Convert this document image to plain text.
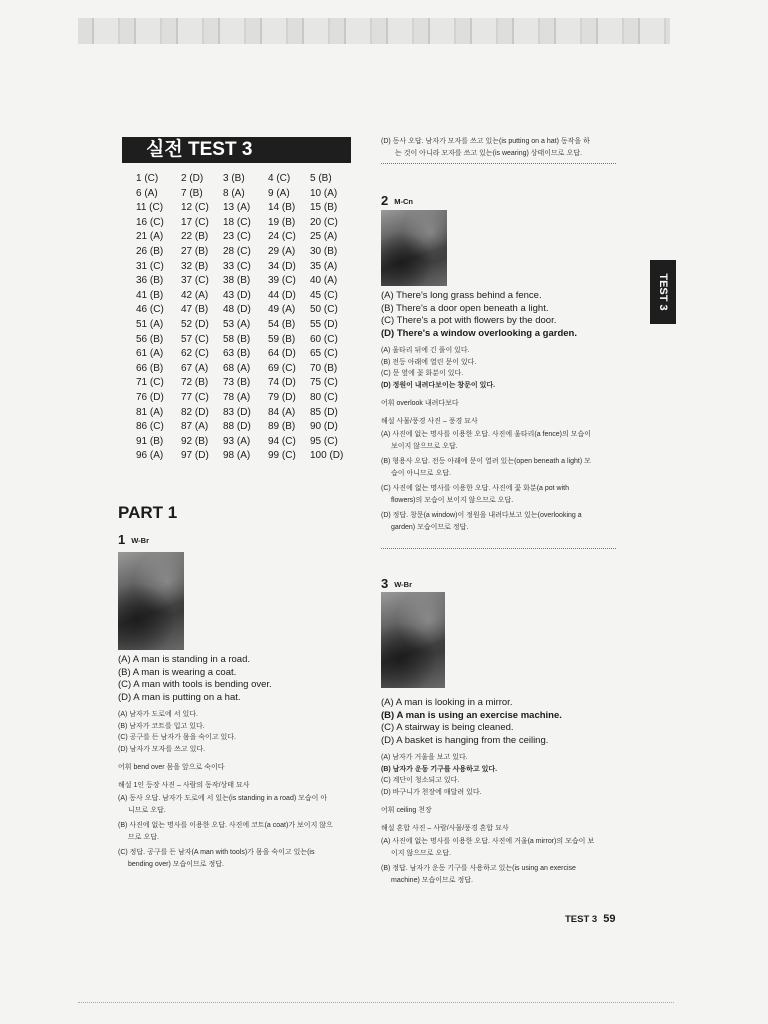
실전 TEST 3
1 (C) 2 (D) 3 (B) 4 (C) 5 (B)
6 (A) 7 (B) 8 (A) 9 (A) 10 (A)
11 (C) 12 (C) 13 (A) 14 (B) 15 (B)
16 (C) 17 (C) 18 (C) 19 (B) 20 (C)
21 (A) 22 (B) 23 (C) 24 (C) 25 (A)
26 (B) 27 (B) 28 (C) 29 (A) 30 (B)
31 (C) 32 (B) 33 (C) 34 (D) 35 (A)
36 (B) 37 (C) 38 (B) 39 (C) 40 (A)
41 (B) 42 (A) 43 (D) 44 (D) 45 (C)
46 (C) 47 (B) 48 (D) 49 (A) 50 (C)
51 (A) 52 (D) 53 (A) 54 (B) 55 (D)
56 (B) 57 (C) 58 (B) 59 (B) 60 (C)
61 (A) 62 (C) 63 (B) 64 (D) 65 (C)
66 (B) 67 (A) 68 (A) 69 (C) 70 (B)
71 (C) 72 (B) 73 (B) 74 (D) 75 (C)
76 (D) 77 (C) 78 (A) 79 (D) 80 (C)
81 (A) 82 (D) 83 (D) 84 (A) 85 (D)
86 (C) 87 (A) 88 (D) 89 (B) 90 (D)
91 (B) 92 (B) 93 (A) 94 (C) 95 (C)
96 (A) 97 (D) 98 (A) 99 (C) 100 (D)
PART 1
1 W-Br
(A) A man is standing in a road.
(B) A man is wearing a coat.
(C) A man with tools is bending over.
(D) A man is putting on a hat.
(A) 남자가 도로에 서 있다.
(B) 남자가 코트를 입고 있다.
(C) 공구를 든 남자가 몸을 숙이고 있다.
(D) 남자가 모자를 쓰고 있다.
어휘 bend over 몸을 앞으로 숙이다
해설 1인 등장 사진 – 사람의 동작/상태 묘사
(A) 동사 오답. 남자가 도로에 서 있는(is standing in a road) 모습이 아
니므로 오답.
(B) 사진에 없는 명사를 이용한 오답. 사진에 코트(a coat)가 보이지 않으
므로 오답.
(C) 정답. 공구를 든 남자(A man with tools)가 몸을 숙이고 있는(is
bending over) 모습이므로 정답.
(D) 동사 오답. 남자가 모자를 쓰고 있는(is putting on a hat) 동작을 하
는 것이 아니라 모자를 쓰고 있는(is wearing) 상태이므로 오답.
2 M-Cn
(A) There's long grass behind a fence.
(B) There's a door open beneath a light.
(C) There's a pot with flowers by the door.
(D) There's a window overlooking a garden.
(A) 울타리 뒤에 긴 풀이 있다.
(B) 전등 아래에 열린 문이 있다.
(C) 문 옆에 꽃 화분이 있다.
(D) 정원이 내려다보이는 창문이 있다.
어휘 overlook 내려다보다
해설 사물/풍경 사진 – 풍경 묘사
(A) 사진에 없는 명사를 이용한 오답. 사진에 울타리(a fence)의 모습이
보이지 않으므로 오답.
(B) 형용사 오답. 전등 아래에 문이 열려 있는(open beneath a light) 모
습이 아니므로 오답.
(C) 사진에 없는 명사를 이용한 오답. 사진에 꽃 화분(a pot with
flowers)의 모습이 보이지 않으므로 오답.
(D) 정답. 창문(a window)이 정원을 내려다보고 있는(overlooking a
garden) 모습이므로 정답.
3 W-Br
(A) A man is looking in a mirror.
(B) A man is using an exercise machine.
(C) A stairway is being cleaned.
(D) A basket is hanging from the ceiling.
(A) 남자가 거울을 보고 있다.
(B) 남자가 운동 기구를 사용하고 있다.
(C) 계단이 청소되고 있다.
(D) 바구니가 천장에 매달려 있다.
어휘 ceiling 천장
해설 혼합 사진 – 사람/사물/풍경 혼합 묘사
(A) 사진에 없는 명사를 이용한 오답. 사진에 거울(a mirror)의 모습이 보
이지 않으므로 오답.
(B) 정답. 남자가 운동 기구를 사용하고 있는(is using an exercise
machine) 모습이므로 정답.
TEST 3
TEST 3 59
